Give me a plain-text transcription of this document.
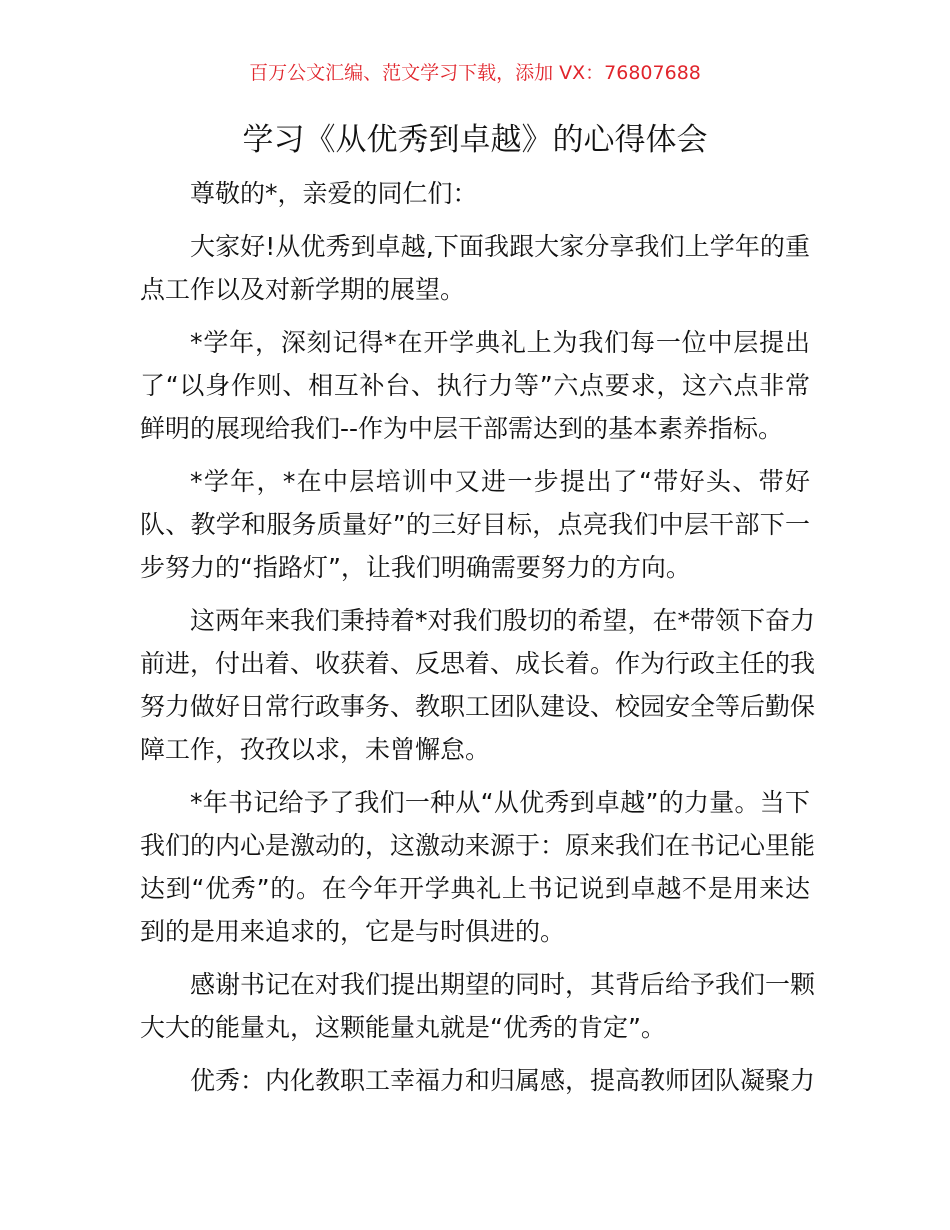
百万公文汇编、范文学习下载，添加 VX：76807688
学习《从优秀到卓越》的心得体会
尊敬的*，亲爱的同仁们：
大家好!从优秀到卓越,下面我跟大家分享我们上学年的重
点工作以及对新学期的展望。
*学年，深刻记得*在开学典礼上为我们每一位中层提出
了“以身作则、相互补台、执行力等”六点要求，这六点非常
鲜明的展现给我们--作为中层干部需达到的基本素养指标。
*学年，*在中层培训中又进一步提出了“带好头、带好
队、教学和服务质量好”的三好目标，点亮我们中层干部下一
步努力的“指路灯”，让我们明确需要努力的方向。
这两年来我们秉持着*对我们殷切的希望，在*带领下奋力
前进，付出着、收获着、反思着、成长着。作为行政主任的我
努力做好日常行政事务、教职工团队建设、校园安全等后勤保
障工作，孜孜以求，未曾懈怠。
*年书记给予了我们一种从“从优秀到卓越”的力量。当下
我们的内心是激动的，这激动来源于：原来我们在书记心里能
达到“优秀”的。在今年开学典礼上书记说到卓越不是用来达
到的是用来追求的，它是与时俱进的。
感谢书记在对我们提出期望的同时，其背后给予我们一颗
大大的能量丸，这颗能量丸就是“优秀的肯定”。
优秀：内化教职工幸福力和归属感，提高教师团队凝聚力
